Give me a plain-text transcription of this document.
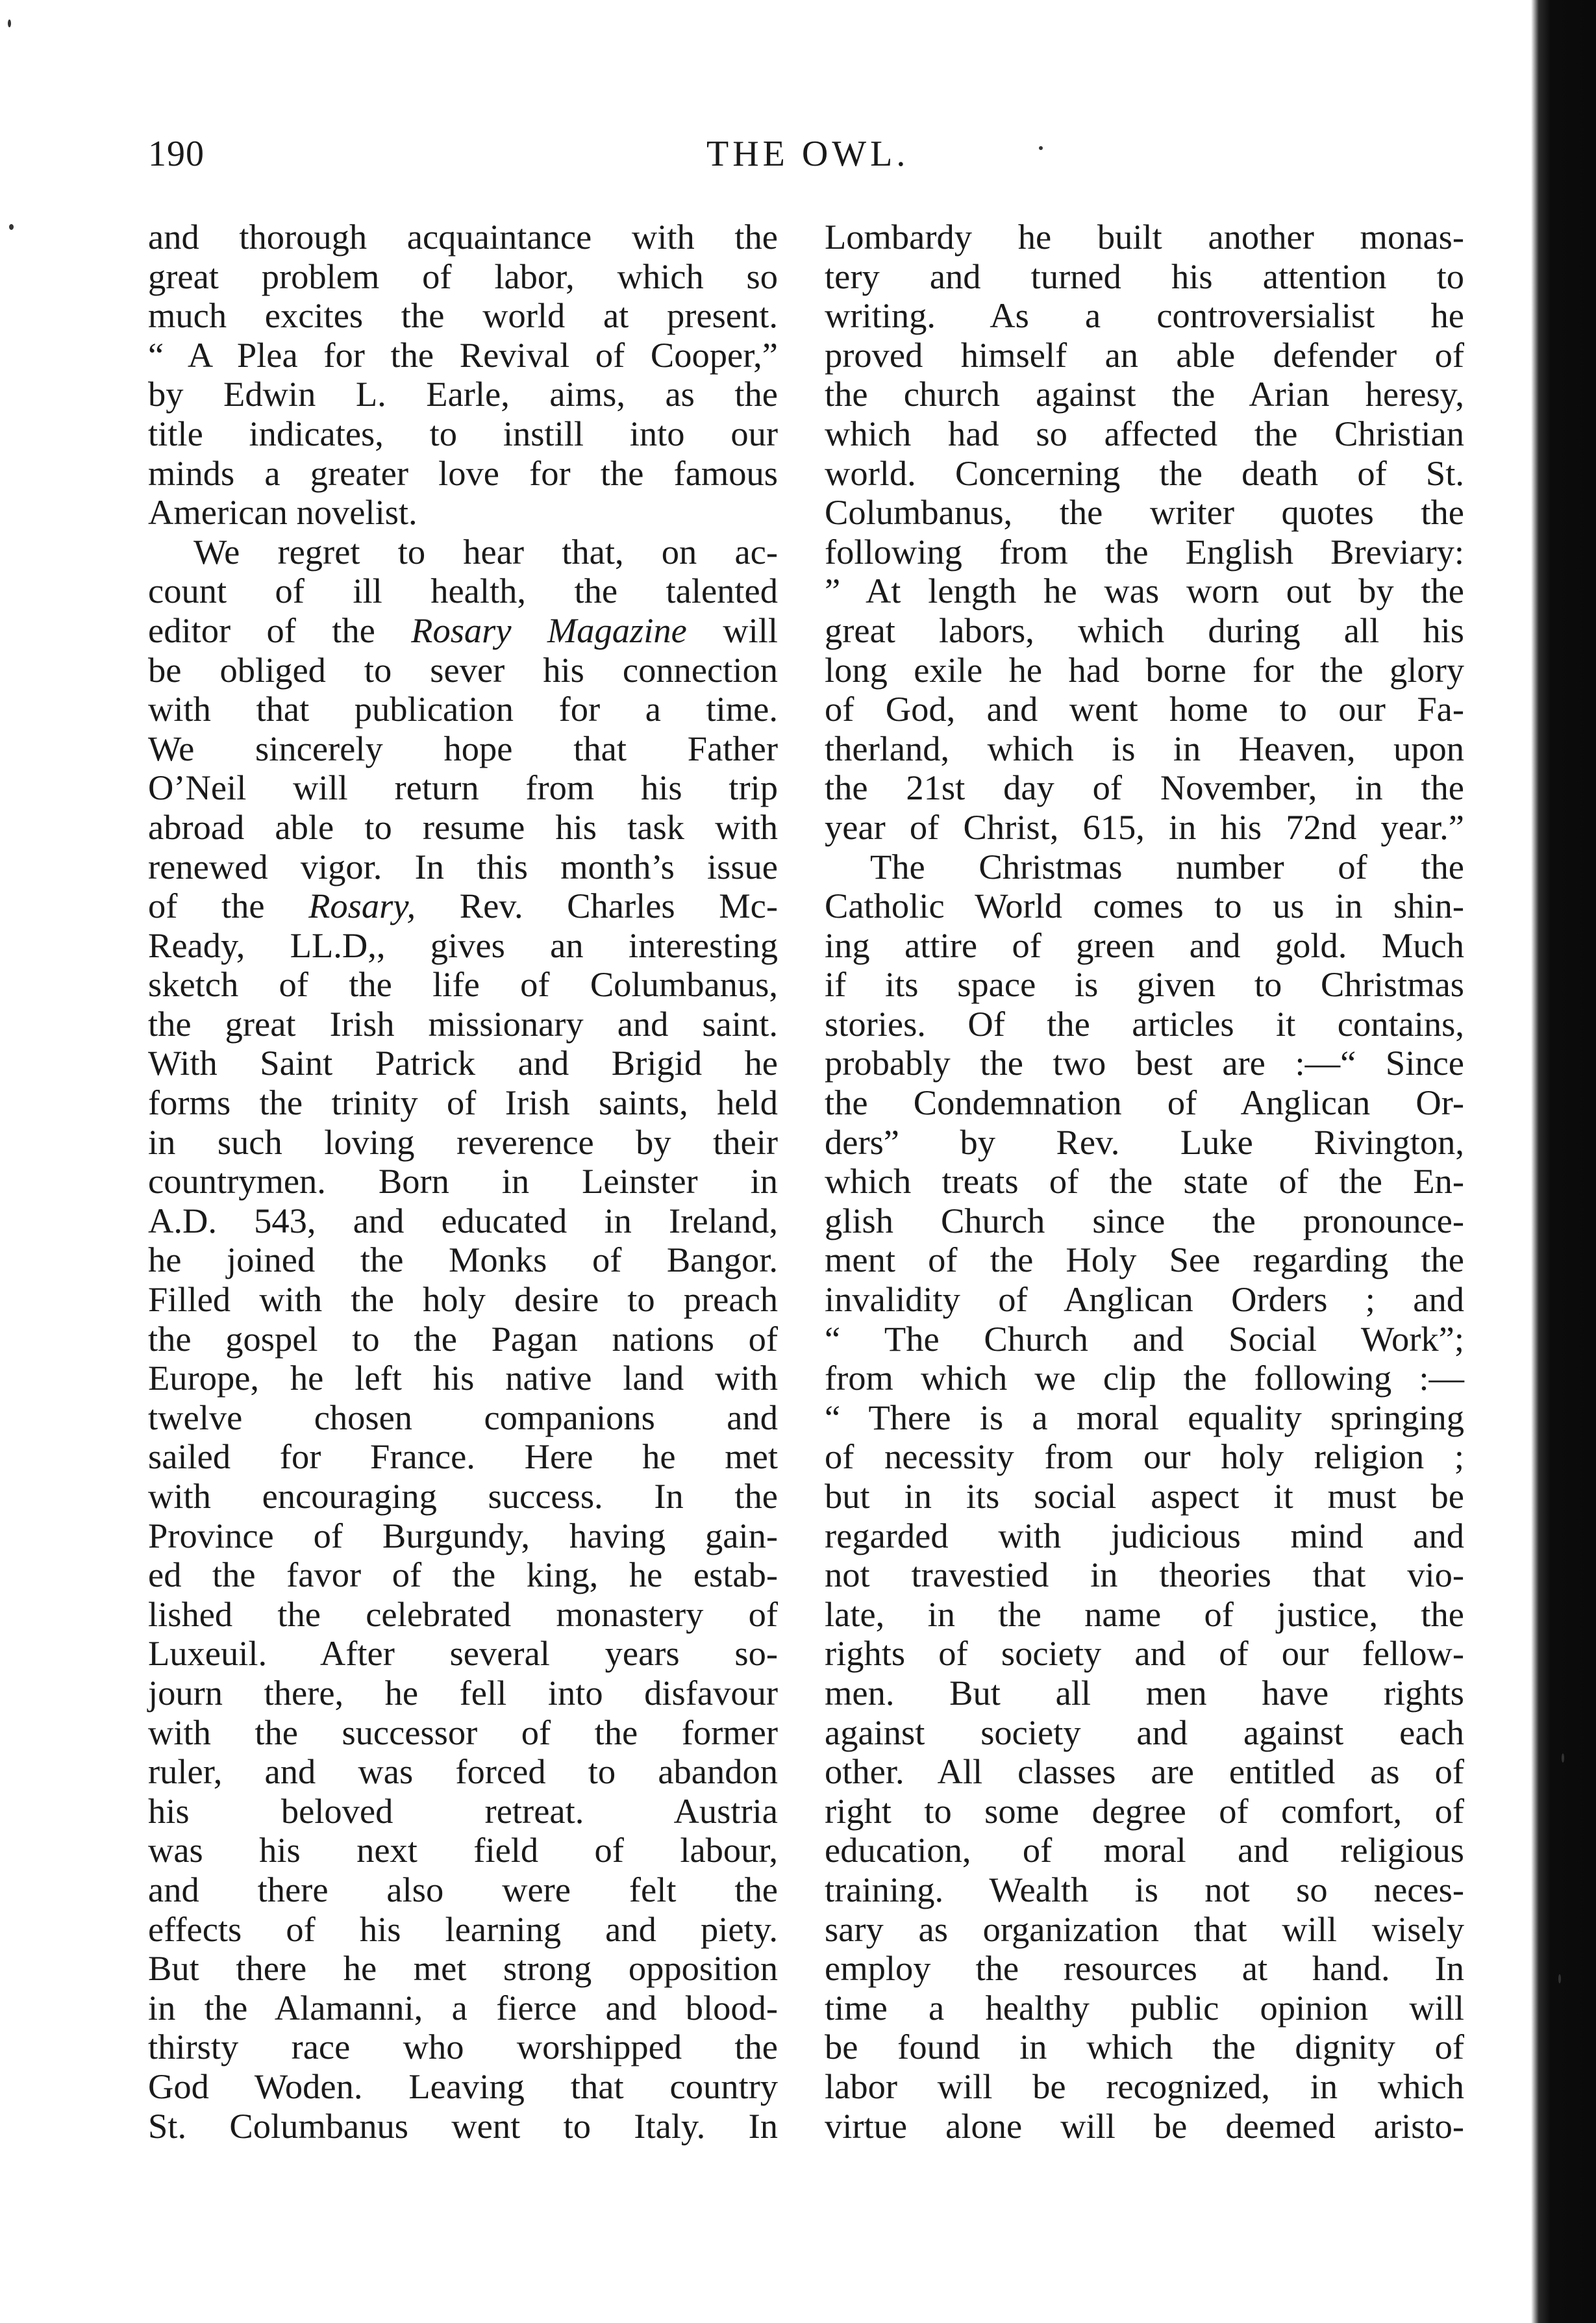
190	THE OWL.
and thorough acquaintance with the
great problem of labor, which so
much excites the world at present.
“ A Plea for the Revival of Cooper,”
by Edwin L. Earle, aims, as the
title indicates, to instill into our
minds a greater love for the famous
American novelist.
We regret to hear that, on ac-
count of ill health, the talented
editor of the Rosary Magazine will
be obliged to sever his connection
with that publication for a time.
We sincerely hope that Father
O’Neil will return from his trip
abroad able to resume his task with
renewed vigor. In this month’s issue
of the Rosary, Rev. Charles Mc-
Ready, LL.D,, gives an interesting
sketch of the life of Columbanus,
the great Irish missionary and saint.
With Saint Patrick and Brigid he
forms the trinity of Irish saints, held
in such loving reverence by their
countrymen. Born in Leinster in
A.D. 543, and educated in Ireland,
he joined the Monks of Bangor.
Filled with the holy desire to preach
the gospel to the Pagan nations of
Europe, he left his native land with
twelve chosen companions and
sailed for France. Here he met
with encouraging success. In the
Province of Burgundy, having gain-
ed the favor of the king, he estab-
lished the celebrated monastery of
Luxeuil. After several years so-
journ there, he fell into disfavour
with the successor of the former
ruler, and was forced to abandon
his beloved retreat. Austria
was his next field of labour,
and there also were felt the
effects of his learning and piety.
But there he met strong opposition
in the Alamanni, a fierce and blood-
thirsty race who worshipped the
God Woden. Leaving that country
St. Columbanus went to Italy. In
Lombardy he built another monas-
tery and turned his attention to
writing. As a controversialist he
proved himself an able defender of
the church against the Arian heresy,
which had so affected the Christian
world. Concerning the death of St.
Columbanus, the writer quotes the
following from the English Breviary:
” At length he was worn out by the
great labors, which during all his
long exile he had borne for the glory
of God, and went home to our Fa-
therland, which is in Heaven, upon
the 21st day of November, in the
year of Christ, 615, in his 72nd year.”
The Christmas number of the
Catholic World comes to us in shin-
ing attire of green and gold. Much
if its space is given to Christmas
stories. Of the articles it contains,
probably the two best are :—“ Since
the Condemnation of Anglican Or-
ders” by Rev. Luke Rivington,
which treats of the state of the En-
glish Church since the pronounce-
ment of the Holy See regarding the
invalidity of Anglican Orders ; and
“ The Church and Social Work”;
from which we clip the following :—
“ There is a moral equality springing
of necessity from our holy religion ;
but in its social aspect it must be
regarded with judicious mind and
not travestied in theories that vio-
late, in the name of justice, the
rights of society and of our fellow-
men. But all men have rights
against society and against each
other. All classes are entitled as of
right to some degree of comfort, of
education, of moral and religious
training. Wealth is not so neces-
sary as organization that will wisely
employ the resources at hand. In
time a healthy public opinion will
be found in which the dignity of
labor will be recognized, in which
virtue alone will be deemed aristo-
